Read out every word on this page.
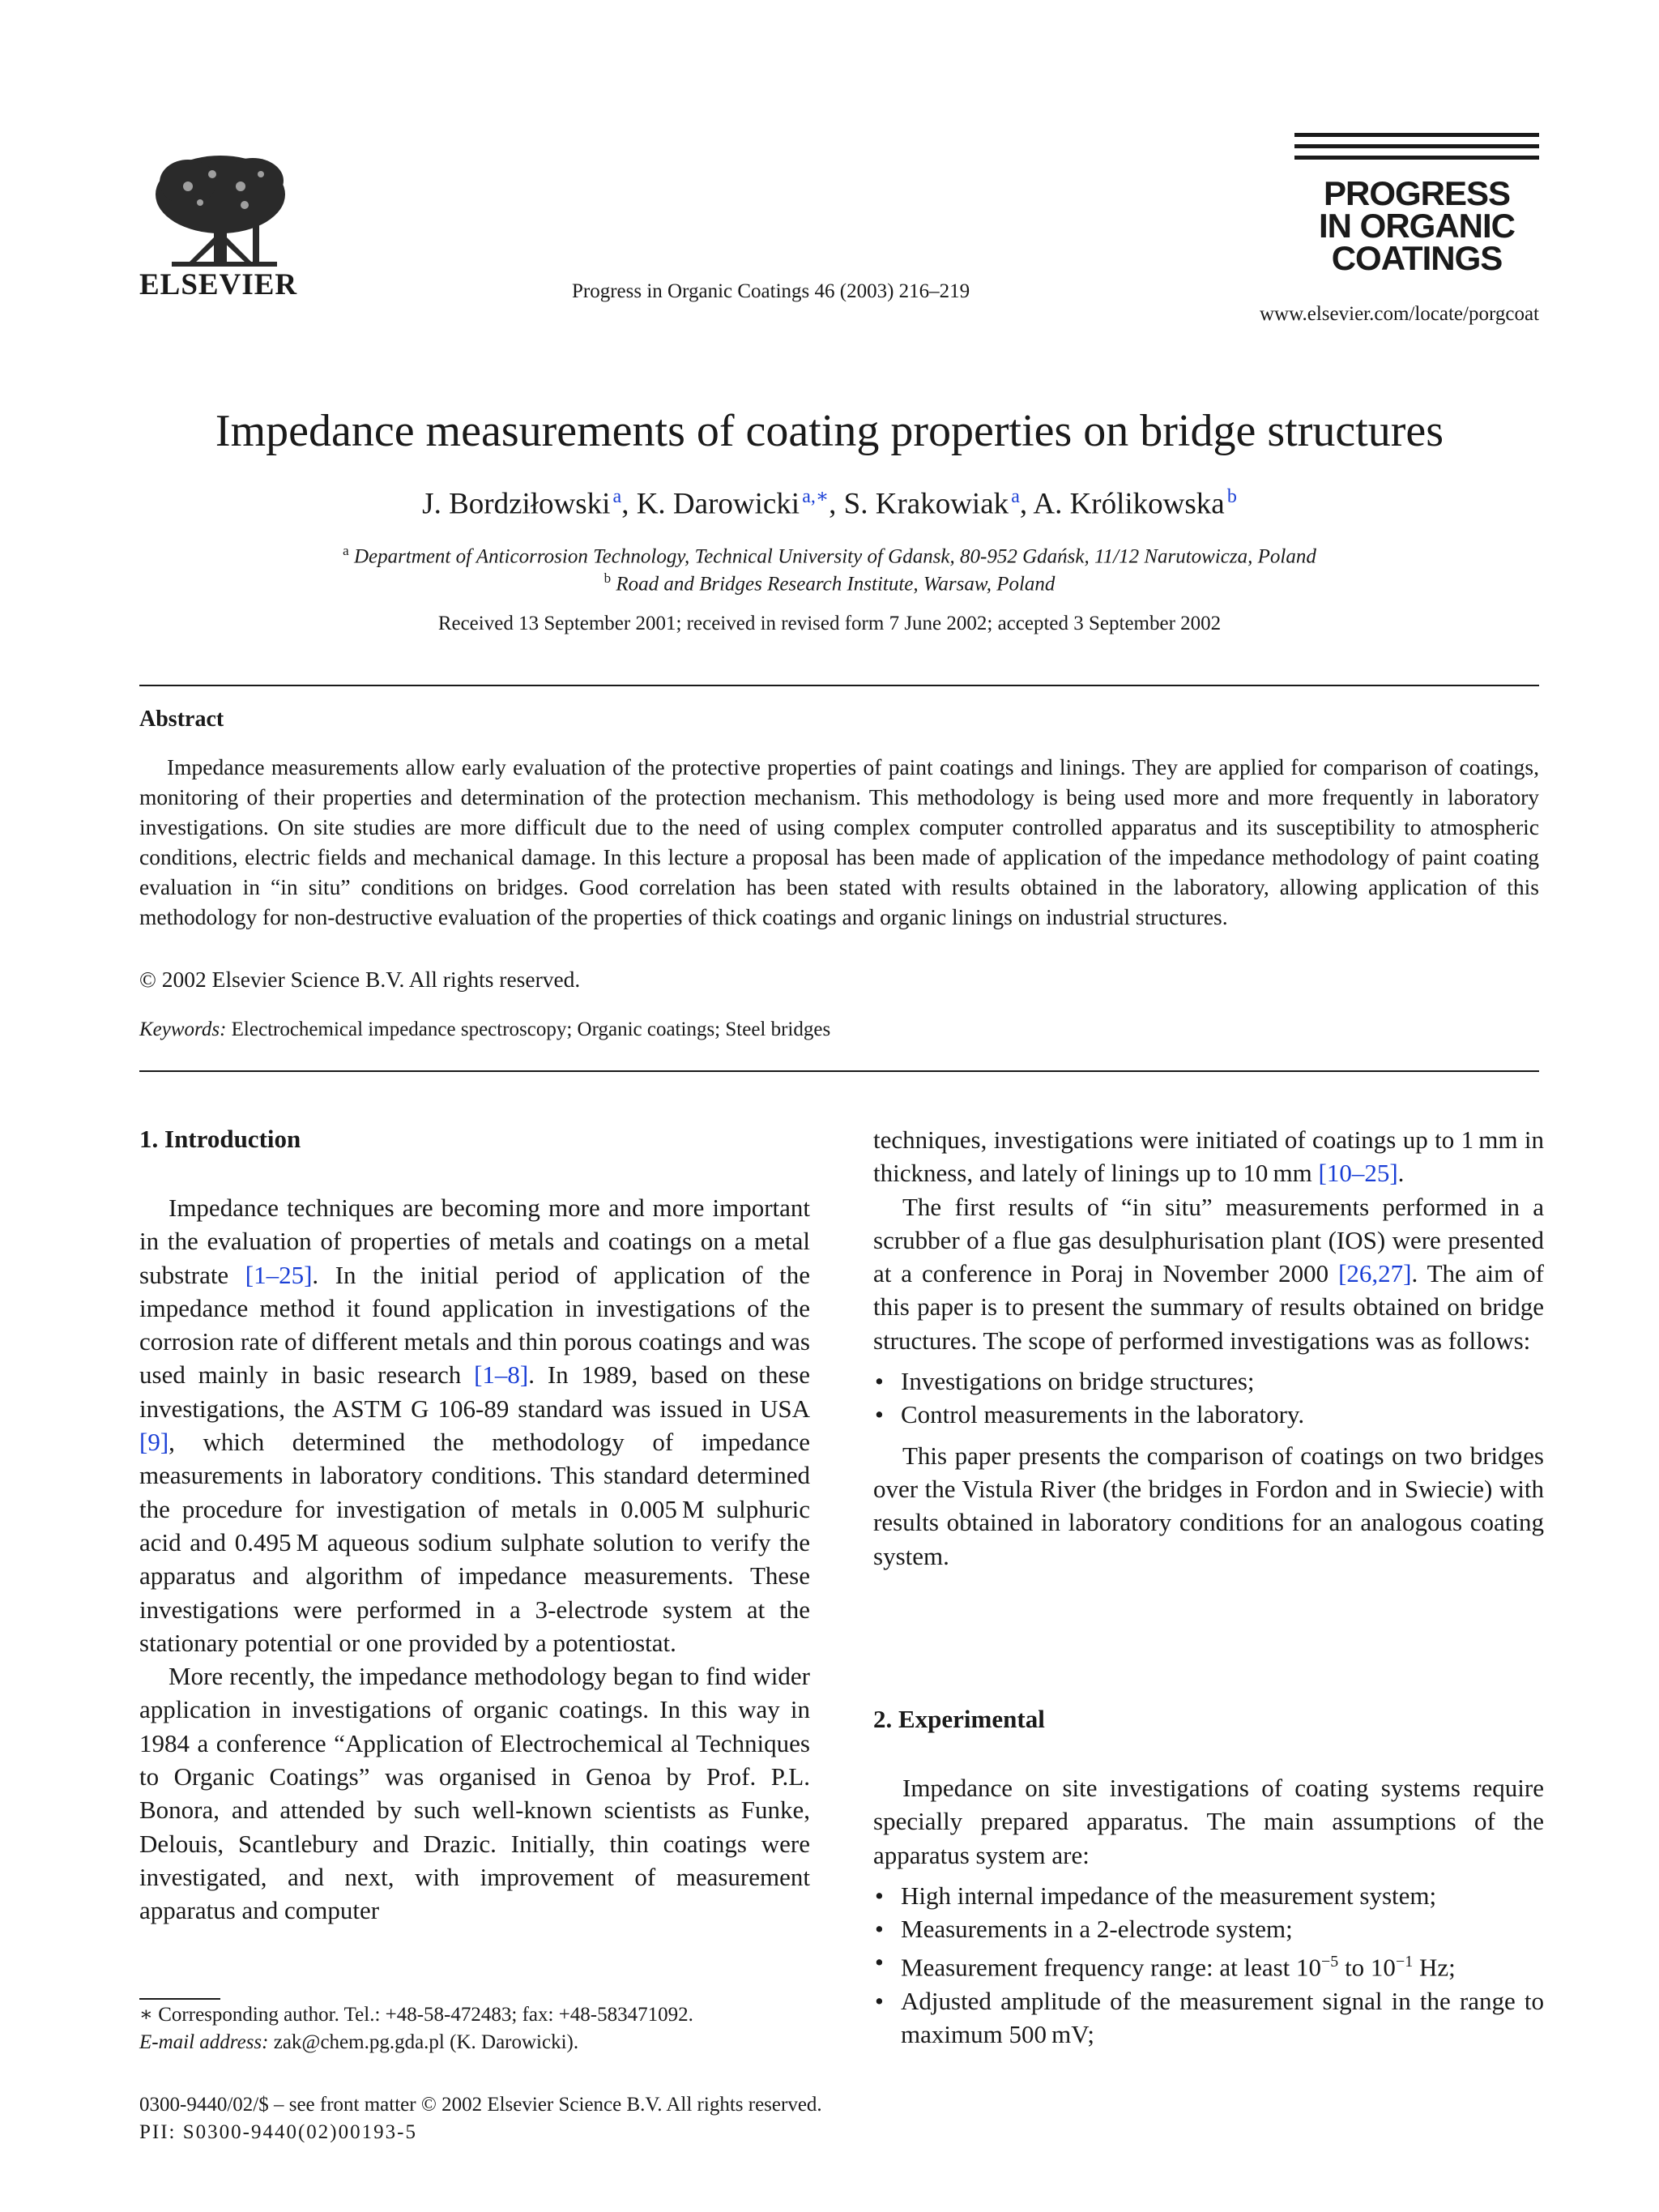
ELSEVIER	Progress in Organic Coatings 46 (2003) 216–219
PROGRESS
IN ORGANIC
COATINGS
www.elsevier.com/locate/porgcoat
Impedance measurements of coating properties on bridge structures
J. Bordziłowski  $^a$, K. Darowicki  $^{a,∗}$, S. Krakowiak  $^a$, A. Królikowska  $^b$
$^a$ Department of Anticorrosion Technology, Technical University of Gdansk, 80-952 Gdańsk, 11/12 Narutowicza, Poland
$^b$ Road and Bridges Research Institute, Warsaw, Poland
Received 13 September 2001; received in revised form 7 June 2002; accepted 3 September 2002
Abstract
Impedance measurements allow early evaluation of the protective properties of paint coatings and linings. They are applied for comparison of coatings, monitoring of their properties and determination of the protection mechanism. This methodology is being used more and more frequently in laboratory investigations. On site studies are more difficult due to the need of using complex computer controlled apparatus and its susceptibility to atmospheric conditions, electric fields and mechanical damage. In this lecture a proposal has been made of application of the impedance methodology of paint coating evaluation in “in situ” conditions on bridges. Good correlation has been stated with results obtained in the laboratory, allowing application of this methodology for non-destructive evaluation of the properties of thick coatings and organic linings on industrial structures.
© 2002 Elsevier Science B.V. All rights reserved.
Keywords: Electrochemical impedance spectroscopy; Organic coatings; Steel bridges
1. Introduction

Impedance techniques are becoming more and more important in the evaluation of properties of metals and coatings on a metal substrate [1–25]. In the initial period of application of the impedance method it found application in investigations of the corrosion rate of different metals and thin porous coatings and was used mainly in basic research [1–8]. In 1989, based on these investigations, the ASTM G 106-89 standard was issued in USA [9], which determined the methodology of impedance measurements in laboratory conditions. This standard determined the procedure for investigation of metals in 0.005 M sulphuric acid and 0.495 M aqueous sodium sulphate solution to verify the apparatus and algorithm of impedance measurements. These investigations were performed in a 3-electrode system at the stationary potential or one provided by a potentiostat.

More recently, the impedance methodology began to find wider application in investigations of organic coatings. In this way in 1984 a conference “Application of Electrochemical al Techniques to Organic Coatings” was organised in Genoa by Prof. P.L. Bonora, and attended by such well-known scientists as Funke, Delouis, Scantlebury and Drazic. Initially, thin coatings were investigated, and next, with improvement of measurement apparatus and computer

techniques, investigations were initiated of coatings up to 1 mm in thickness, and lately of linings up to 10 mm [10–25].

The first results of “in situ” measurements performed in a scrubber of a flue gas desulphurisation plant (IOS) were presented at a conference in Poraj in November 2000 [26,27]. The aim of this paper is to present the summary of results obtained on bridge structures. The scope of performed investigations was as follows:

• Investigations on bridge structures;
• Control measurements in the laboratory.

This paper presents the comparison of coatings on two bridges over the Vistula River (the bridges in Fordon and in Swiecie) with results obtained in laboratory conditions for an analogous coating system.

2. Experimental

Impedance on site investigations of coating systems require specially prepared apparatus. The main assumptions of the apparatus system are:

• High internal impedance of the measurement system;
• Measurements in a 2-electrode system;
• Measurement frequency range: at least $10^{-5}$ to $10^{-1}$ Hz;
• Adjusted amplitude of the measurement signal in the range to maximum 500 mV;
∗ Corresponding author. Tel.: +48-58-472483; fax: +48-583471092.
E-mail address: zak@chem.pg.gda.pl (K. Darowicki).
0300-9440/02/$ – see front matter © 2002 Elsevier Science B.V. All rights reserved.
PII: S0300-9440(02)00193-5
